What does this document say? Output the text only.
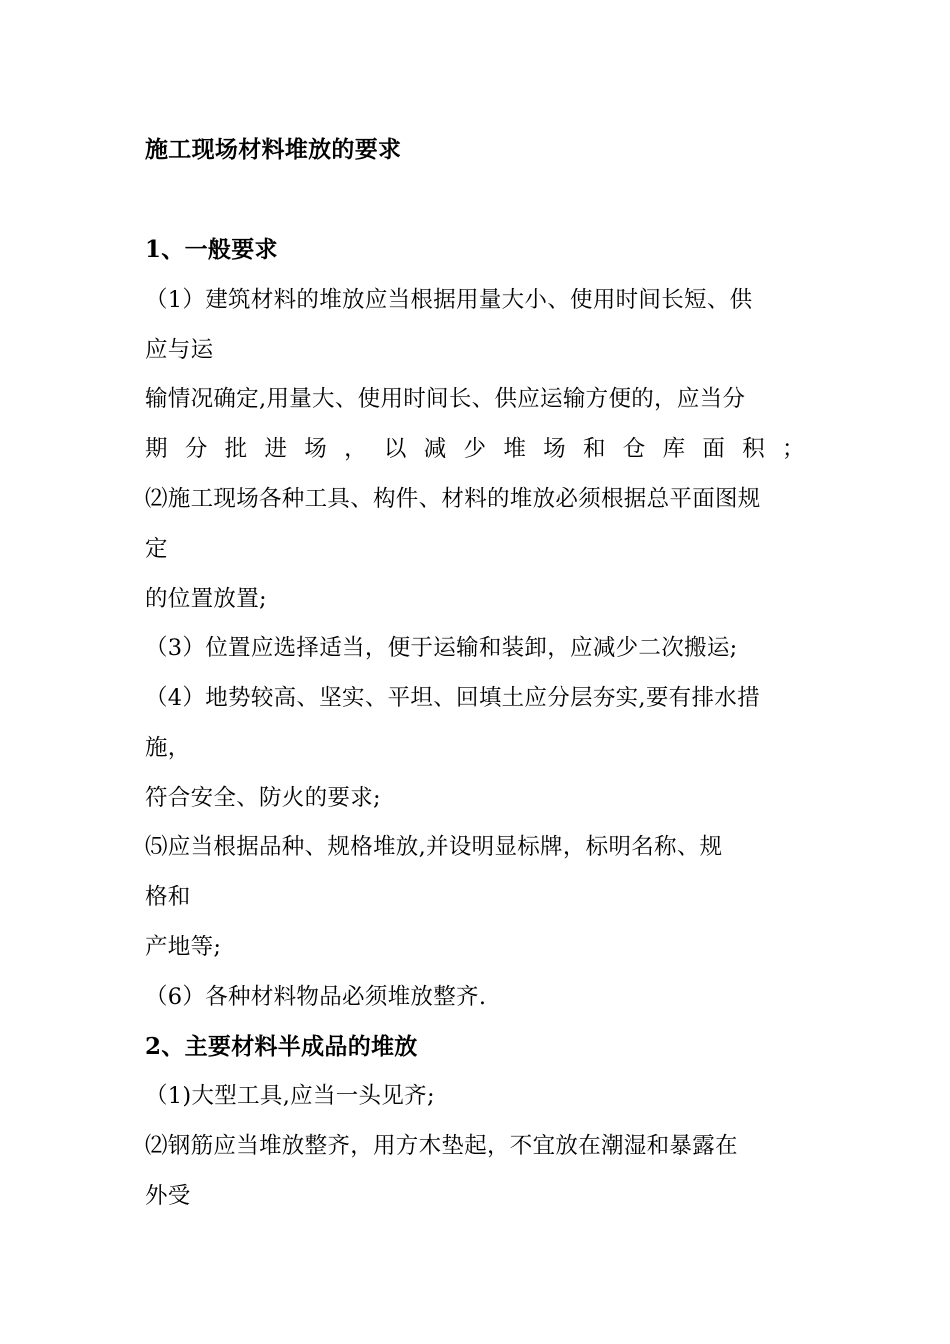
施工现场材料堆放的要求
1、一般要求
（1）建筑材料的堆放应当根据用量大小、使用时间长短、供
应与运
输情况确定,用量大、使用时间长、供应运输方便的，应当分
期 分 批 进 场 ， 以 减 少 堆 场 和 仓 库 面 积 ；
⑵施工现场各种工具、构件、材料的堆放必须根据总平面图规
定
的位置放置;
（3）位置应选择适当，便于运输和装卸，应减少二次搬运;
（4）地势较高、坚实、平坦、回填土应分层夯实,要有排水措
施，
符合安全、防火的要求;
⑸应当根据品种、规格堆放,并设明显标牌，标明名称、规
格和
产地等;
（6）各种材料物品必须堆放整齐.
2、主要材料半成品的堆放
（1)大型工具,应当一头见齐;
⑵钢筋应当堆放整齐，用方木垫起，不宜放在潮湿和暴露在
外受
